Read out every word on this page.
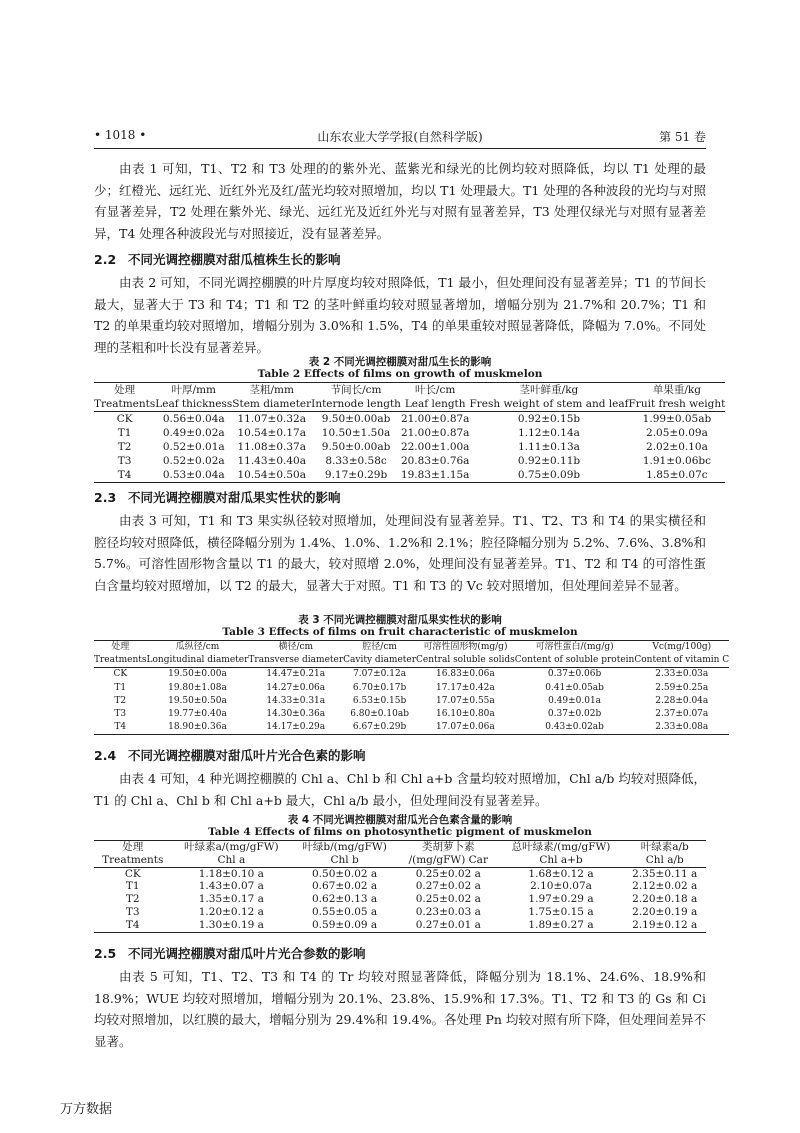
• 1018 •	山东农业大学学报(自然科学版)	第 51 卷
由表 1 可知，T1、T2 和 T3 处理的的紫外光、蓝紫光和绿光的比例均较对照降低，均以 T1 处理的最少；红橙光、远红光、近红外光及红/蓝光均较对照增加，均以 T1 处理最大。T1 处理的各种波段的光均与对照有显著差异，T2 处理在紫外光、绿光、远红光及近红外光与对照有显著差异，T3 处理仅绿光与对照有显著差异，T4 处理各种波段光与对照接近，没有显著差异。
2.2 不同光调控棚膜对甜瓜植株生长的影响
由表 2 可知，不同光调控棚膜的叶片厚度均较对照降低，T1 最小，但处理间没有显著差异；T1 的节间长最大，显著大于 T3 和 T4；T1 和 T2 的茎叶鲜重均较对照显著增加，增幅分别为 21.7%和 20.7%；T1 和 T2 的单果重均较对照增加，增幅分别为 3.0%和 1.5%，T4 的单果重较对照显著降低，降幅为 7.0%。不同处理的茎粗和叶长没有显著差异。
表 2 不同光调控棚膜对甜瓜生长的影响
Table 2 Effects of films on growth of muskmelon
处理	叶厚/mm	茎粗/mm	节间长/cm	叶长/cm	茎叶鲜重/kg	单果重/kg
Treatments	Leaf thickness	Stem diameter	Internode length	Leaf length	Fresh weight of stem and leaf	Fruit fresh weight
CK	0.56±0.04a	11.07±0.32a	9.50±0.00ab	21.00±0.87a	0.92±0.15b	1.99±0.05ab
T1	0.49±0.02a	10.54±0.17a	10.50±1.50a	21.00±0.87a	1.12±0.14a	2.05±0.09a
T2	0.52±0.01a	11.08±0.37a	9.50±0.00ab	22.00±1.00a	1.11±0.13a	2.02±0.10a
T3	0.52±0.02a	11.43±0.40a	8.33±0.58c	20.83±0.76a	0.92±0.11b	1.91±0.06bc
T4	0.53±0.04a	10.54±0.50a	9.17±0.29b	19.83±1.15a	0.75±0.09b	1.85±0.07c
2.3 不同光调控棚膜对甜瓜果实性状的影响
由表 3 可知，T1 和 T3 果实纵径较对照增加，处理间没有显著差异。T1、T2、T3 和 T4 的果实横径和腔径均较对照降低，横径降幅分别为 1.4%、1.0%、1.2%和 2.1%；腔径降幅分别为 5.2%、7.6%、3.8%和 5.7%。可溶性固形物含量以 T1 的最大，较对照增 2.0%，处理间没有显著差异。T1、T2 和 T4 的可溶性蛋白含量均较对照增加，以 T2 的最大，显著大于对照。T1 和 T3 的 Vc 较对照增加，但处理间差异不显著。
表 3 不同光调控棚膜对甜瓜果实性状的影响
Table 3 Effects of films on fruit characteristic of muskmelon
处理	瓜纵径/cm	横径/cm	腔径/cm	可溶性固形物(mg/g)	可溶性蛋白/(mg/g)	Vc(mg/100g)
Treatments	Longitudinal diameter	Transverse diameter	Cavity diameter	Central soluble solids	Content of soluble protein	Content of vitamin C
CK	19.50±0.00a	14.47±0.21a	7.07±0.12a	16.83±0.06a	0.37±0.06b	2.33±0.03a
T1	19.80±1.08a	14.27±0.06a	6.70±0.17b	17.17±0.42a	0.41±0.05ab	2.59±0.25a
T2	19.50±0.50a	14.33±0.31a	6.53±0.15b	17.07±0.55a	0.49±0.01a	2.28±0.04a
T3	19.77±0.40a	14.30±0.36a	6.80±0.10ab	16.10±0.80a	0.37±0.02b	2.37±0.07a
T4	18.90±0.36a	14.17±0.29a	6.67±0.29b	17.07±0.06a	0.43±0.02ab	2.33±0.08a
2.4 不同光调控棚膜对甜瓜叶片光合色素的影响
由表 4 可知，4 种光调控棚膜的 Chl a、Chl b 和 Chl a+b 含量均较对照增加，Chl a/b 均较对照降低，T1 的 Chl a、Chl b 和 Chl a+b 最大，Chl a/b 最小，但处理间没有显著差异。
表 4 不同光调控棚膜对甜瓜光合色素含量的影响
Table 4 Effects of films on photosynthetic pigment of muskmelon
处理	叶绿素a/(mg/gFW)	叶绿b/(mg/gFW)	类胡萝卜素	总叶绿素/(mg/gFW)	叶绿素a/b
Treatments	Chl a	Chl b	/(mg/gFW) Car	Chl a+b	Chl a/b
CK	1.18±0.10 a	0.50±0.02 a	0.25±0.02 a	1.68±0.12 a	2.35±0.11 a
T1	1.43±0.07 a	0.67±0.02 a	0.27±0.02 a	2.10±0.07a	2.12±0.02 a
T2	1.35±0.17 a	0.62±0.13 a	0.25±0.02 a	1.97±0.29 a	2.20±0.18 a
T3	1.20±0.12 a	0.55±0.05 a	0.23±0.03 a	1.75±0.15 a	2.20±0.19 a
T4	1.30±0.19 a	0.59±0.09 a	0.27±0.01 a	1.89±0.27 a	2.19±0.12 a
2.5 不同光调控棚膜对甜瓜叶片光合参数的影响
由表 5 可知，T1、T2、T3 和 T4 的 Tr 均较对照显著降低，降幅分别为 18.1%、24.6%、18.9%和 18.9%；WUE 均较对照增加，增幅分别为 20.1%、23.8%、15.9%和 17.3%。T1、T2 和 T3 的 Gs 和 Ci 均较对照增加，以红膜的最大，增幅分别为 29.4%和 19.4%。各处理 Pn 均较对照有所下降，但处理间差异不显著。
万方数据
